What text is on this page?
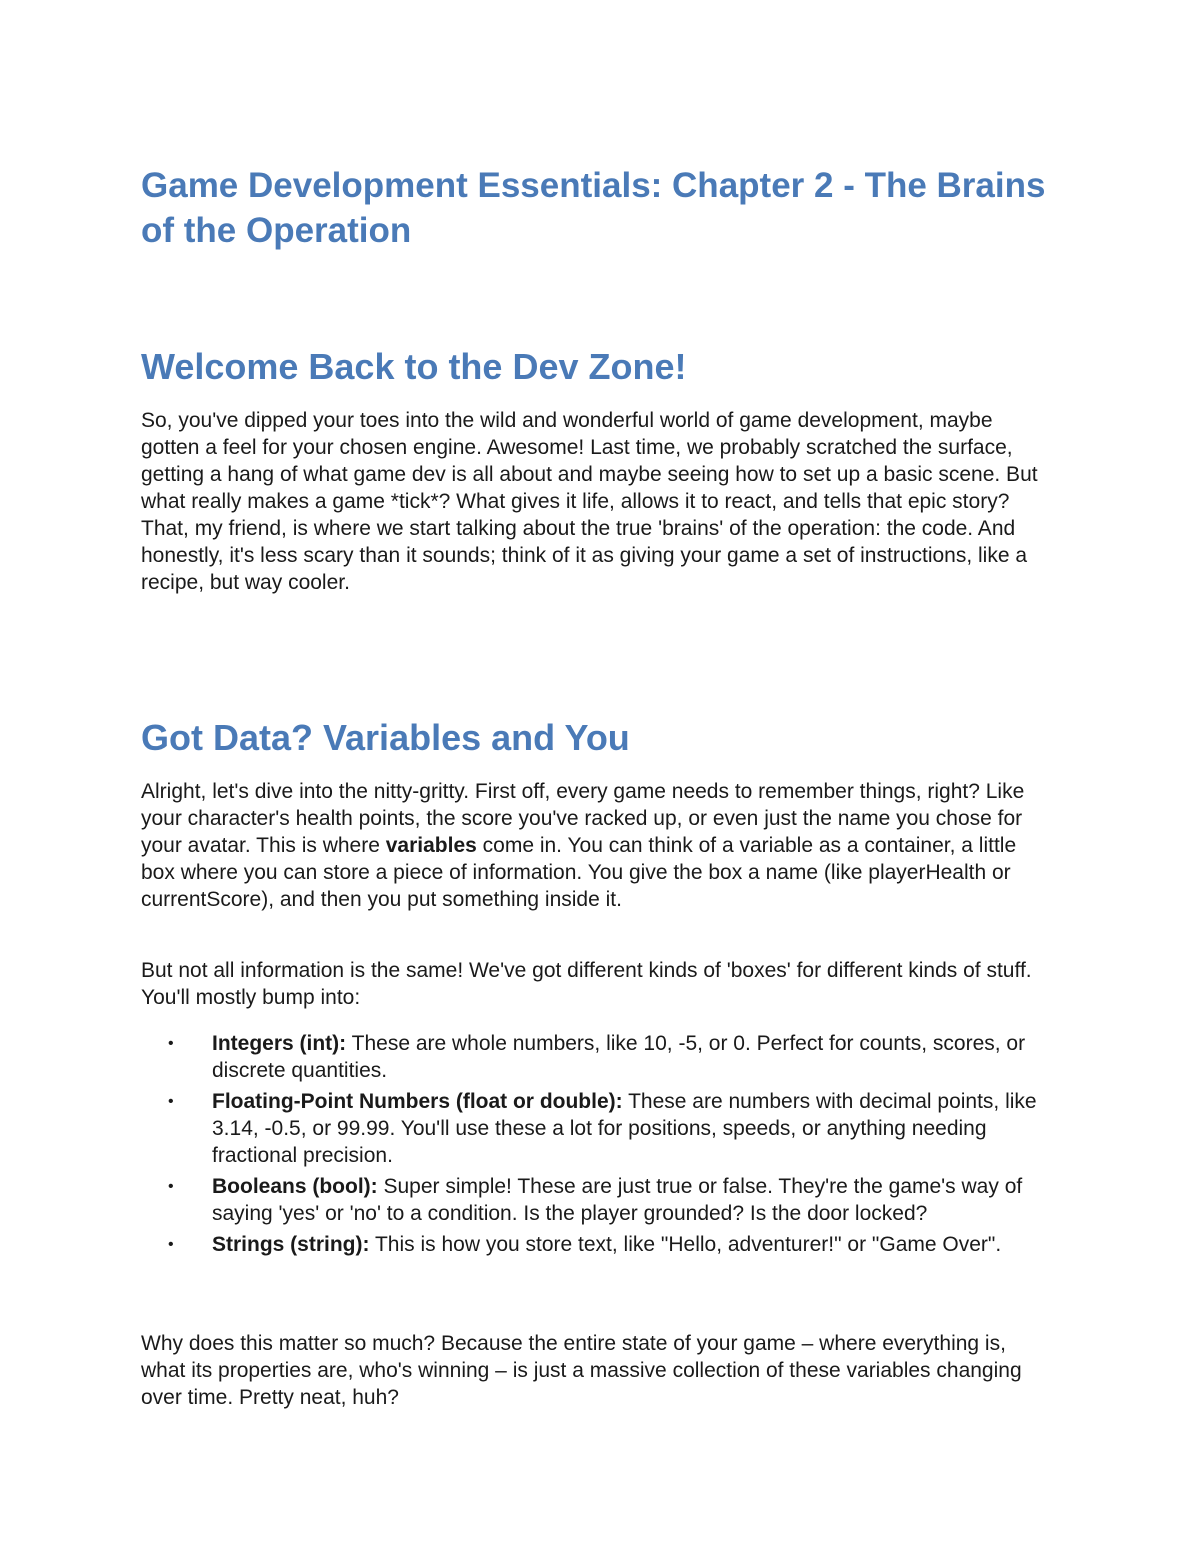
Game Development Essentials: Chapter 2 - The Brains of the Operation
Welcome Back to the Dev Zone!

So, you've dipped your toes into the wild and wonderful world of game development, maybe gotten a feel for your chosen engine. Awesome! Last time, we probably scratched the surface, getting a hang of what game dev is all about and maybe seeing how to set up a basic scene. But what really makes a game *tick*? What gives it life, allows it to react, and tells that epic story? That, my friend, is where we start talking about the true 'brains' of the operation: the code. And honestly, it's less scary than it sounds; think of it as giving your game a set of instructions, like a recipe, but way cooler.

Got Data? Variables and You

Alright, let's dive into the nitty-gritty. First off, every game needs to remember things, right? Like your character's health points, the score you've racked up, or even just the name you chose for your avatar. This is where variables come in. You can think of a variable as a container, a little box where you can store a piece of information. You give the box a name (like playerHealth or currentScore), and then you put something inside it.

But not all information is the same! We've got different kinds of 'boxes' for different kinds of stuff. You'll mostly bump into:

• Integers (int): These are whole numbers, like 10, -5, or 0. Perfect for counts, scores, or discrete quantities.
• Floating-Point Numbers (float or double): These are numbers with decimal points, like 3.14, -0.5, or 99.99. You'll use these a lot for positions, speeds, or anything needing fractional precision.
• Booleans (bool): Super simple! These are just true or false. They're the game's way of saying 'yes' or 'no' to a condition. Is the player grounded? Is the door locked?
• Strings (string): This is how you store text, like "Hello, adventurer!" or "Game Over".

Why does this matter so much? Because the entire state of your game – where everything is, what its properties are, who's winning – is just a massive collection of these variables changing over time. Pretty neat, huh?
